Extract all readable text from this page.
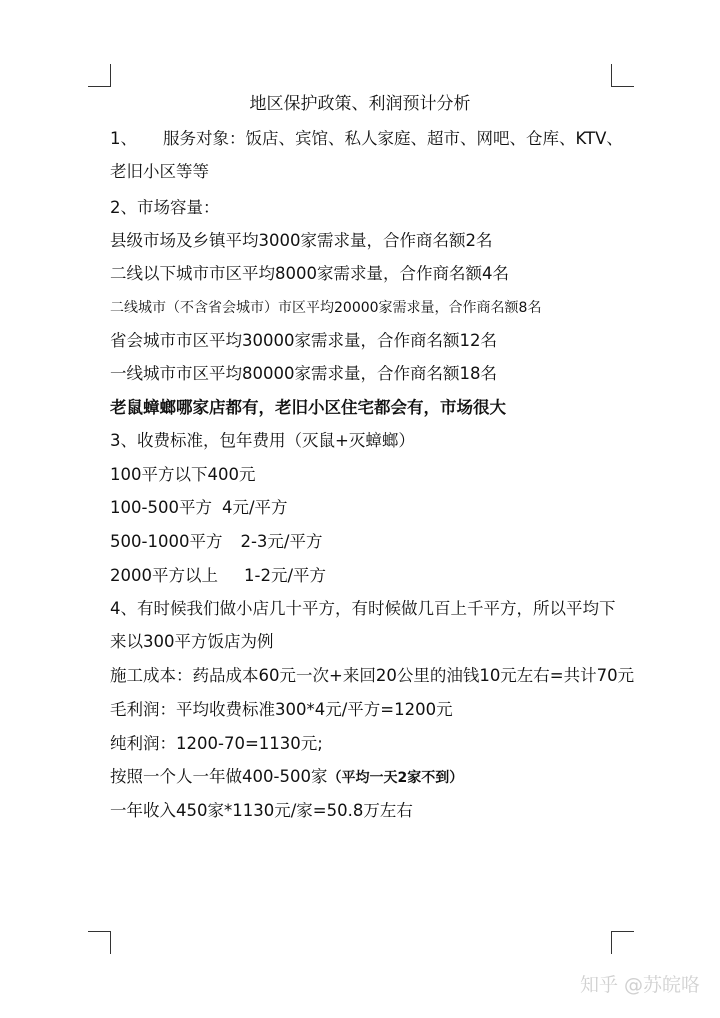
地区保护政策、利润预计分析
1、 服务对象：饭店、宾馆、私人家庭、超市、网吧、仓库、KTV、
老旧小区等等
2、市场容量：
县级市场及乡镇平均3000家需求量，合作商名额2名
二线以下城市市区平均8000家需求量，合作商名额4名
二线城市（不含省会城市）市区平均20000家需求量，合作商名额8名
省会城市市区平均30000家需求量，合作商名额12名
一线城市市区平均80000家需求量，合作商名额18名
老鼠蟑螂哪家店都有，老旧小区住宅都会有，市场很大
3、收费标准，包年费用（灭鼠+灭蟑螂）
100平方以下400元
100-500平方 4元/平方
500-1000平方 2-3元/平方
2000平方以上 1-2元/平方
4、有时候我们做小店几十平方，有时候做几百上千平方，所以平均下
来以300平方饭店为例
施工成本：药品成本60元一次+来回20公里的油钱10元左右=共计70元
毛利润：平均收费标准300*4元/平方=1200元
纯利润：1200-70=1130元;
按照一个人一年做400-500家（平均一天2家不到）
一年收入450家*1130元/家=50.8万左右
知乎 @苏皖咯
